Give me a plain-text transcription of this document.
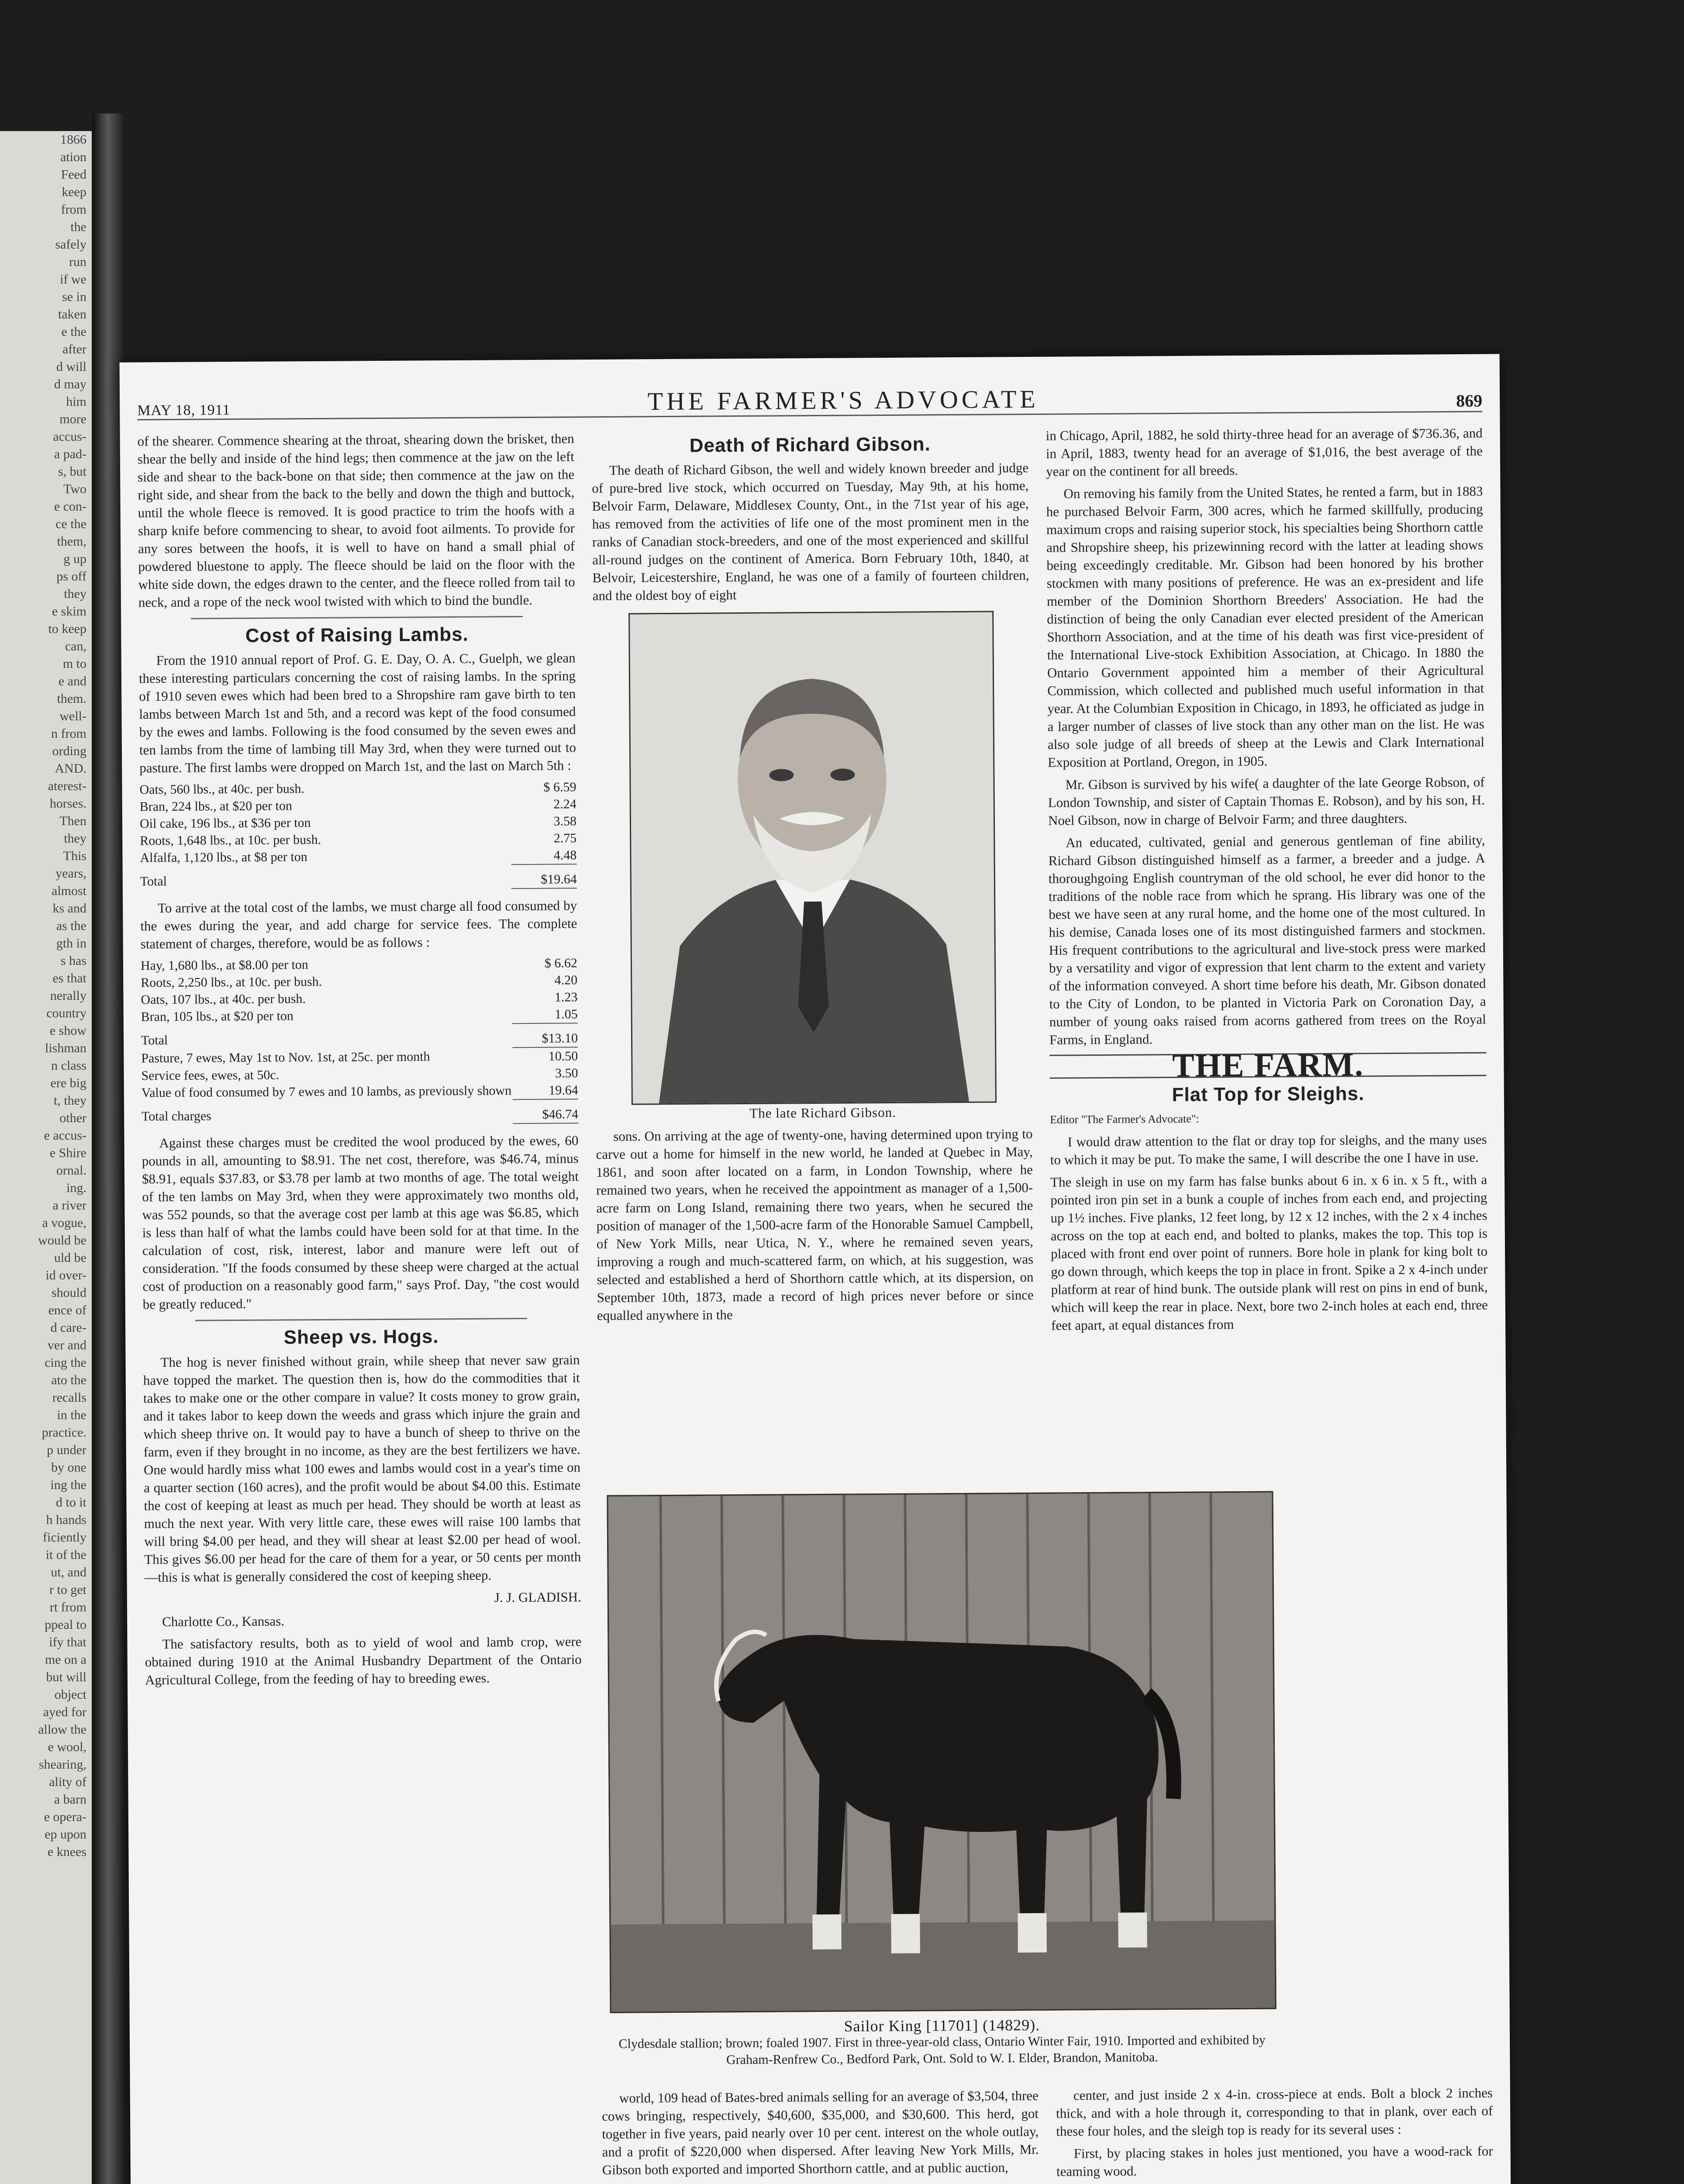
1866

ation

Feed

keep

from

the

safely

run

if we

se in

taken

e the

after

d will

d may

him

more

accus-

a pad-

s, but

Two

e con-

ce the

them,

g up

ps off

they

e skim

to keep

can,

m to

e and

them.

well-

n from

ording

AND.

aterest-

horses.

Then

they

This

years,

almost

ks and

as the

gth in

s has

es that

nerally

country

e show

lishman

n class

ere big

t, they

other

e accus-

e Shire

ornal.

ing.

a river

a vogue,

would be

uld be

id over-

should

ence of

d care-

ver and

cing the

ato the

recalls

in the

practice.

p under

by one

ing the

d to it

h hands

ficiently

it of the

ut, and

r to get

rt from

ppeal to

ify that

me on a

but will

object

ayed for

allow the

e wool,

shearing,

ality of

a barn

e opera-

ep upon

e knees

MAY 18, 1911	THE FARMER'S ADVOCATE	869

of the shearer. Commence shearing at the throat, shearing down the brisket, then shear the belly and inside of the hind legs; then commence at the jaw on the left side and shear to the back-bone on that side; then commence at the jaw on the right side, and shear from the back to the belly and down the thigh and buttock, until the whole fleece is removed. It is good practice to trim the hoofs with a sharp knife before commencing to shear, to avoid foot ailments. To provide for any sores between the hoofs, it is well to have on hand a small phial of powdered bluestone to apply. The fleece should be laid on the floor with the white side down, the edges drawn to the center, and the fleece rolled from tail to neck, and a rope of the neck wool twisted with which to bind the bundle.

Cost of Raising Lambs.

From the 1910 annual report of Prof. G. E. Day, O. A. C., Guelph, we glean these interesting particulars concerning the cost of raising lambs. In the spring of 1910 seven ewes which had been bred to a Shropshire ram gave birth to ten lambs between March 1st and 5th, and a record was kept of the food consumed by the ewes and lambs. Following is the food consumed by the seven ewes and ten lambs from the time of lambing till May 3rd, when they were turned out to pasture. The first lambs were dropped on March 1st, and the last on March 5th :

Oats, 560 lbs., at 40c. per bush.	$ 6.59
Bran, 224 lbs., at $20 per ton	2.24
Oil cake, 196 lbs., at $36 per ton	3.58
Roots, 1,648 lbs., at 10c. per bush.	2.75
Alfalfa, 1,120 lbs., at $8 per ton	4.48
Total	$19.64

To arrive at the total cost of the lambs, we must charge all food consumed by the ewes during the year, and add charge for service fees. The complete statement of charges, therefore, would be as follows :

Hay, 1,680 lbs., at $8.00 per ton	$ 6.62
Roots, 2,250 lbs., at 10c. per bush.	4.20
Oats, 107 lbs., at 40c. per bush.	1.23
Bran, 105 lbs., at $20 per ton	1.05
Total	$13.10
Pasture, 7 ewes, May 1st to Nov. 1st, at 25c. per month	10.50
Service fees, ewes, at 50c.	3.50
Value of food consumed by 7 ewes and 10 lambs, as previously shown	19.64
Total charges	$46.74

Against these charges must be credited the wool produced by the ewes, 60 pounds in all, amounting to $8.91. The net cost, therefore, was $46.74, minus $8.91, equals $37.83, or $3.78 per lamb at two months of age. The total weight of the ten lambs on May 3rd, when they were approximately two months old, was 552 pounds, so that the average cost per lamb at this age was $6.85, which is less than half of what the lambs could have been sold for at that time. In the calculation of cost, risk, interest, labor and manure were left out of consideration. "If the foods consumed by these sheep were charged at the actual cost of production on a reasonably good farm," says Prof. Day, "the cost would be greatly reduced."

Sheep vs. Hogs.

The hog is never finished without grain, while sheep that never saw grain have topped the market. The question then is, how do the commodities that it takes to make one or the other compare in value? It costs money to grow grain, and it takes labor to keep down the weeds and grass which injure the grain and which sheep thrive on. It would pay to have a bunch of sheep to thrive on the farm, even if they brought in no income, as they are the best fertilizers we have. One would hardly miss what 100 ewes and lambs would cost in a year's time on a quarter section (160 acres), and the profit would be about $4.00 this. Estimate the cost of keeping at least as much per head. They should be worth at least as much the next year. With very little care, these ewes will raise 100 lambs that will bring $4.00 per head, and they will shear at least $2.00 per head of wool. This gives $6.00 per head for the care of them for a year, or 50 cents per month—this is what is generally considered the cost of keeping sheep.

J. J. GLADISH.

Charlotte Co., Kansas.

The satisfactory results, both as to yield of wool and lamb crop, were obtained during 1910 at the Animal Husbandry Department of the Ontario Agricultural College, from the feeding of hay to breeding ewes.

Death of Richard Gibson.

The death of Richard Gibson, the well and widely known breeder and judge of pure-bred live stock, which occurred on Tuesday, May 9th, at his home, Belvoir Farm, Delaware, Middlesex County, Ont., in the 71st year of his age, has removed from the activities of life one of the most prominent men in the ranks of Canadian stock-breeders, and one of the most experienced and skillful all-round judges on the continent of America. Born February 10th, 1840, at Belvoir, Leicestershire, England, he was one of a family of fourteen children, and the oldest boy of eight

The late Richard Gibson.

sons. On arriving at the age of twenty-one, having determined upon trying to carve out a home for himself in the new world, he landed at Quebec in May, 1861, and soon after located on a farm, in London Township, where he remained two years, when he received the appointment as manager of a 1,500-acre farm on Long Island, remaining there two years, when he secured the position of manager of the 1,500-acre farm of the Honorable Samuel Campbell, of New York Mills, near Utica, N. Y., where he remained seven years, improving a rough and much-scattered farm, on which, at his suggestion, was selected and established a herd of Shorthorn cattle which, at its dispersion, on September 10th, 1873, made a record of high prices never before or since equalled anywhere in the

Sailor King [11701] (14829).
Clydesdale stallion; brown; foaled 1907. First in three-year-old class, Ontario Winter Fair, 1910. Imported and exhibited by Graham-Renfrew Co., Bedford Park, Ont. Sold to W. I. Elder, Brandon, Manitoba.

world, 109 head of Bates-bred animals selling for an average of $3,504, three cows bringing, respectively, $40,600, $35,000, and $30,600. This herd, got together in five years, paid nearly over 10 per cent. interest on the whole outlay, and a profit of $220,000 when dispersed. After leaving New York Mills, Mr. Gibson both exported and imported Shorthorn cattle, and at public auction,

in Chicago, April, 1882, he sold thirty-three head for an average of $736.36, and in April, 1883, twenty head for an average of $1,016, the best average of the year on the continent for all breeds.

On removing his family from the United States, he rented a farm, but in 1883 he purchased Belvoir Farm, 300 acres, which he farmed skillfully, producing maximum crops and raising superior stock, his specialties being Shorthorn cattle and Shropshire sheep, his prizewinning record with the latter at leading shows being exceedingly creditable. Mr. Gibson had been honored by his brother stockmen with many positions of preference. He was an ex-president and life member of the Dominion Shorthorn Breeders' Association. He had the distinction of being the only Canadian ever elected president of the American Shorthorn Association, and at the time of his death was first vice-president of the International Live-stock Exhibition Association, at Chicago. In 1880 the Ontario Government appointed him a member of their Agricultural Commission, which collected and published much useful information in that year. At the Columbian Exposition in Chicago, in 1893, he officiated as judge in a larger number of classes of live stock than any other man on the list. He was also sole judge of all breeds of sheep at the Lewis and Clark International Exposition at Portland, Oregon, in 1905.

Mr. Gibson is survived by his wife( a daughter of the late George Robson, of London Township, and sister of Captain Thomas E. Robson), and by his son, H. Noel Gibson, now in charge of Belvoir Farm; and three daughters.

An educated, cultivated, genial and generous gentleman of fine ability, Richard Gibson distinguished himself as a farmer, a breeder and a judge. A thoroughgoing English countryman of the old school, he ever did honor to the traditions of the noble race from which he sprang. His library was one of the best we have seen at any rural home, and the home one of the most cultured. In his demise, Canada loses one of its most distinguished farmers and stockmen. His frequent contributions to the agricultural and live-stock press were marked by a versatility and vigor of expression that lent charm to the extent and variety of the information conveyed. A short time before his death, Mr. Gibson donated to the City of London, to be planted in Victoria Park on Coronation Day, a number of young oaks raised from acorns gathered from trees on the Royal Farms, in England.

THE FARM.
Flat Top for Sleighs.

Editor "The Farmer's Advocate":

I would draw attention to the flat or dray top for sleighs, and the many uses to which it may be put. To make the same, I will describe the one I have in use.

The sleigh in use on my farm has false bunks about 6 in. x 6 in. x 5 ft., with a pointed iron pin set in a bunk a couple of inches from each end, and projecting up 1½ inches. Five planks, 12 feet long, by 12 x 12 inches, with the 2 x 4 inches across on the top at each end, and bolted to planks, makes the top. This top is placed with front end over point of runners. Bore hole in plank for king bolt to go down through, which keeps the top in place in front. Spike a 2 x 4-inch under platform at rear of hind bunk. The outside plank will rest on pins in end of bunk, which will keep the rear in place. Next, bore two 2-inch holes at each end, three feet apart, at equal distances from

center, and just inside 2 x 4-in. cross-piece at ends. Bolt a block 2 inches thick, and with a hole through it, corresponding to that in plank, over each of these four holes, and the sleigh top is ready for its several uses :

First, by placing stakes in holes just mentioned, you have a wood-rack for teaming wood.
